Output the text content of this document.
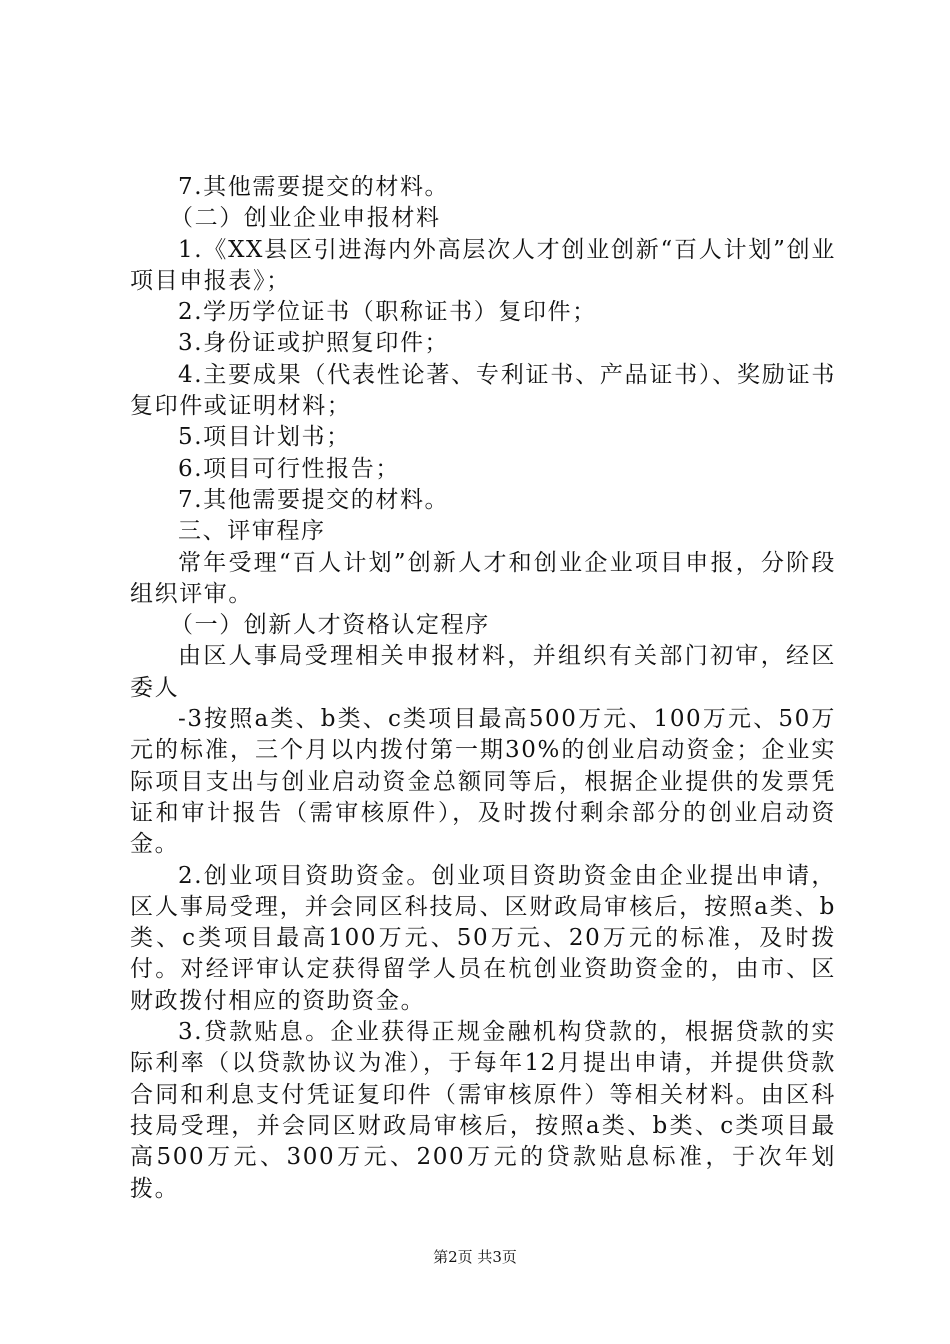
7.其他需要提交的材料。

（二）创业企业申报材料

1.《XX县区引进海内外高层次人才创业创新“百人计划”创业项目申报表》；

2.学历学位证书（职称证书）复印件；

3.身份证或护照复印件；

4.主要成果（代表性论著、专利证书、产品证书）、奖励证书复印件或证明材料；

5.项目计划书；

6.项目可行性报告；

7.其他需要提交的材料。

三、评审程序

常年受理“百人计划”创新人才和创业企业项目申报，分阶段组织评审。

（一）创新人才资格认定程序

由区人事局受理相关申报材料，并组织有关部门初审，经区委人

-3按照a类、b类、c类项目最高500万元、100万元、50万元的标准，三个月以内拨付第一期30%的创业启动资金；企业实际项目支出与创业启动资金总额同等后，根据企业提供的发票凭证和审计报告（需审核原件），及时拨付剩余部分的创业启动资金。

2.创业项目资助资金。创业项目资助资金由企业提出申请，区人事局受理，并会同区科技局、区财政局审核后，按照a类、b类、c类项目最高100万元、50万元、20万元的标准，及时拨付。对经评审认定获得留学人员在杭创业资助资金的，由市、区财政拨付相应的资助资金。

3.贷款贴息。企业获得正规金融机构贷款的，根据贷款的实际利率（以贷款协议为准），于每年12月提出申请，并提供贷款合同和利息支付凭证复印件（需审核原件）等相关材料。由区科技局受理，并会同区财政局审核后，按照a类、b类、c类项目最高500万元、300万元、200万元的贷款贴息标准，于次年划拨。

第2页 共3页
